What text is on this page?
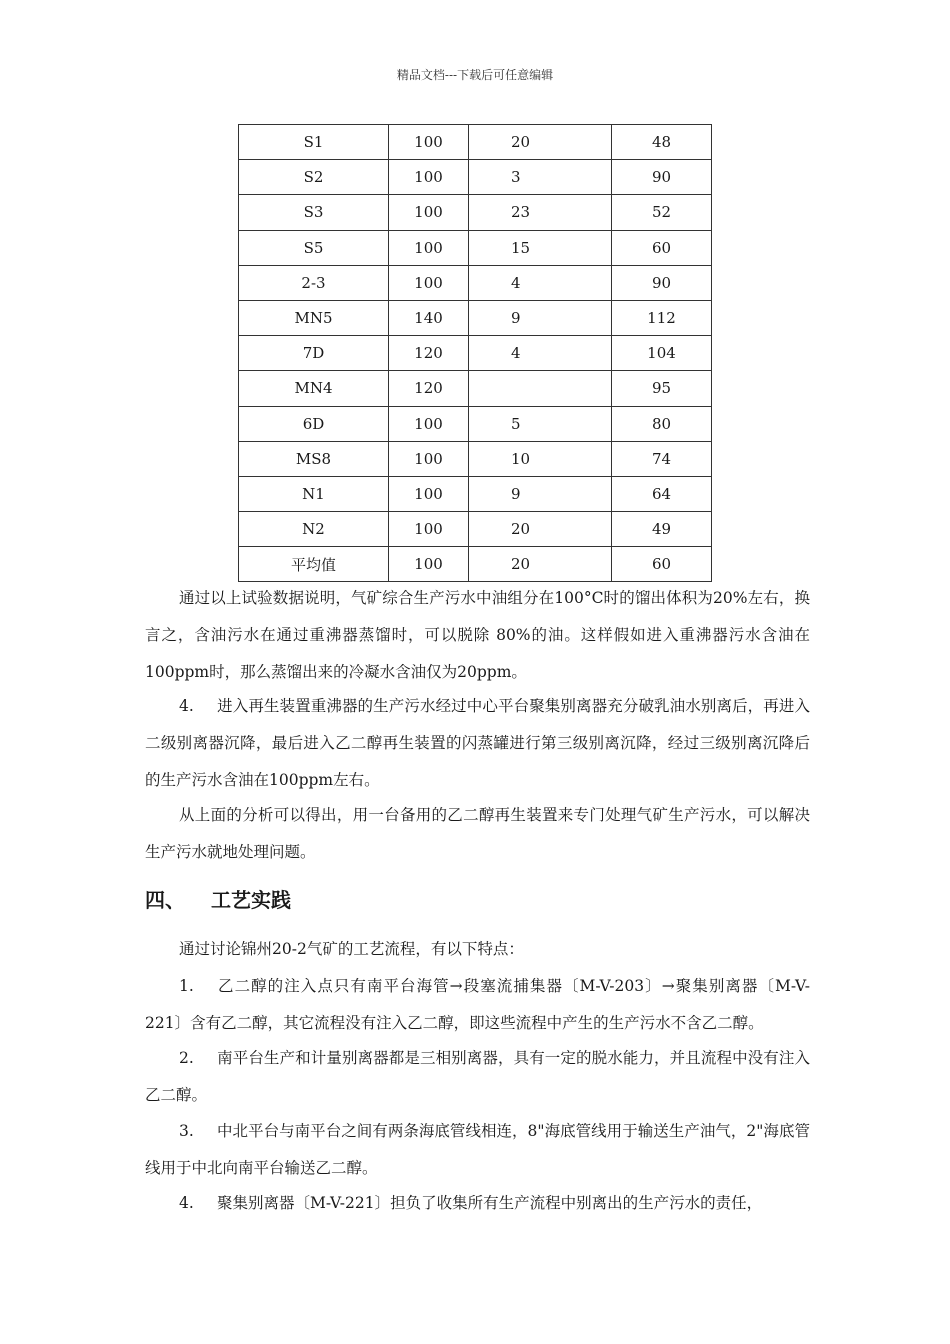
精品文档---下载后可任意编辑
S1	100	20	48
S2	100	3	90
S3	100	23	52
S5	100	15	60
2-3	100	4	90
MN5	140	9	112
7D	120	4	104
MN4	120		95
6D	100	5	80
MS8	100	10	74
N1	100	9	64
N2	100	20	49
平均值	100	20	60
通过以上试验数据说明，气矿综合生产污水中油组分在100°C时的馏出体积为20%左右，换言之，含油污水在通过重沸器蒸馏时，可以脱除 80%的油。这样假如进入重沸器污水含油在100ppm时，那么蒸馏出来的冷凝水含油仅为20ppm。
4. 进入再生装置重沸器的生产污水经过中心平台聚集别离器充分破乳油水别离后，再进入二级别离器沉降，最后进入乙二醇再生装置的闪蒸罐进行第三级别离沉降，经过三级别离沉降后的生产污水含油在100ppm左右。
从上面的分析可以得出，用一台备用的乙二醇再生装置来专门处理气矿生产污水，可以解决生产污水就地处理问题。
四、 工艺实践
通过讨论锦州20-2气矿的工艺流程，有以下特点：
1. 乙二醇的注入点只有南平台海管→段塞流捕集器〔M-V-203〕→聚集别离器〔M-V-221〕含有乙二醇，其它流程没有注入乙二醇，即这些流程中产生的生产污水不含乙二醇。
2. 南平台生产和计量别离器都是三相别离器，具有一定的脱水能力，并且流程中没有注入乙二醇。
3. 中北平台与南平台之间有两条海底管线相连，8"海底管线用于输送生产油气，2"海底管线用于中北向南平台输送乙二醇。
4. 聚集别离器〔M-V-221〕担负了收集所有生产流程中别离出的生产污水的责任，
